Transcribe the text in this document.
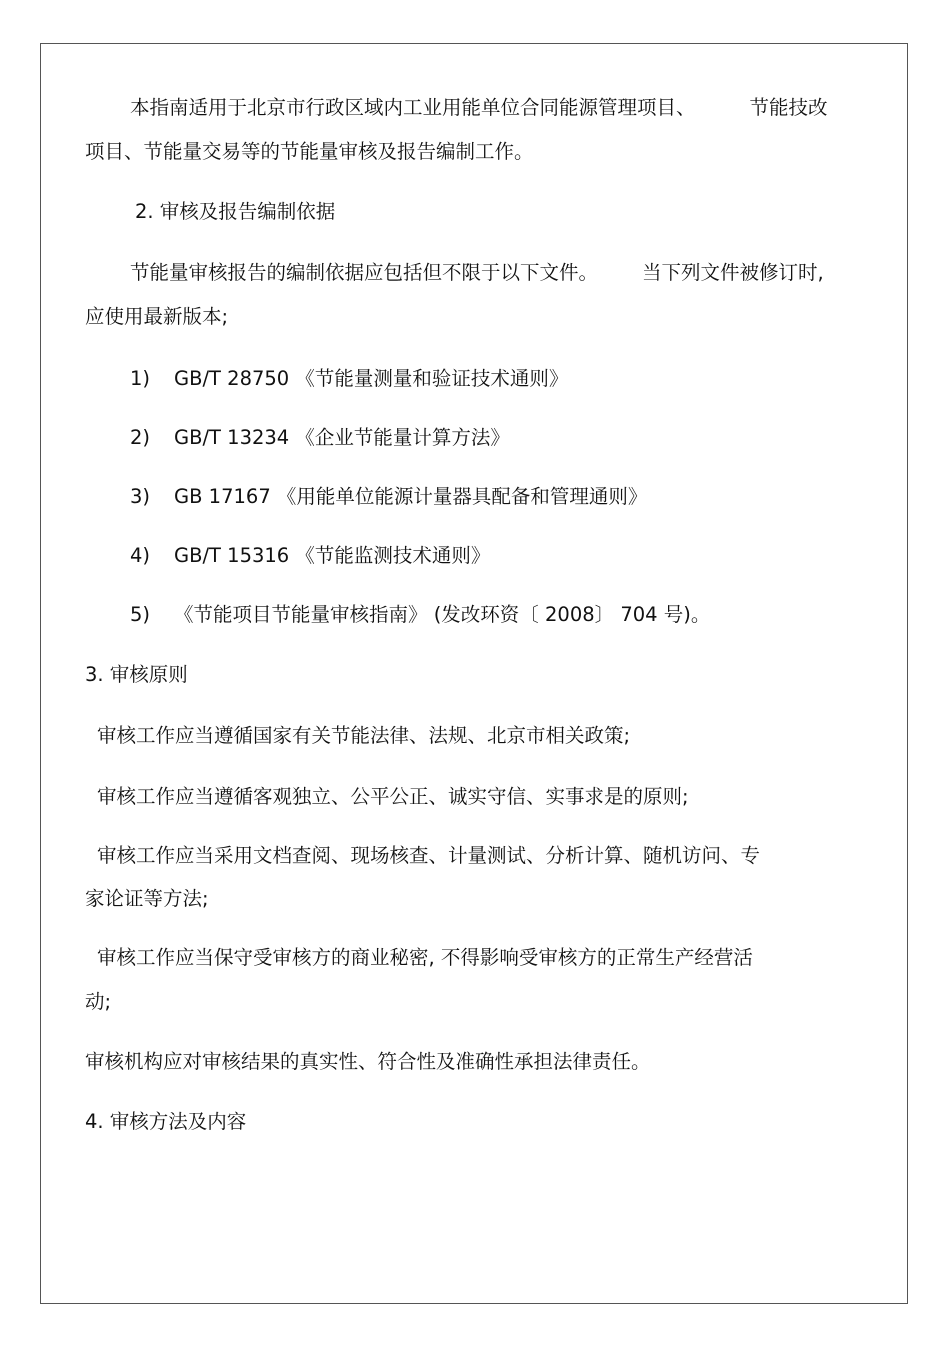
本指南适用于北京市行政区域内工业用能单位合同能源管理项目、	节能技改
项目、节能量交易等的节能量审核及报告编制工作。
2. 审核及报告编制依据
节能量审核报告的编制依据应包括但不限于以下文件。 当下列文件被修订时,
应使用最新版本;
1) GB/T 28750 《节能量测量和验证技术通则》
2) GB/T 13234 《企业节能量计算方法》
3) GB 17167 《用能单位能源计量器具配备和管理通则》
4) GB/T 15316 《节能监测技术通则》
5) 《节能项目节能量审核指南》 (发改环资〔 2008〕 704 号)。
3. 审核原则
审核工作应当遵循国家有关节能法律、法规、北京市相关政策;
审核工作应当遵循客观独立、公平公正、诚实守信、实事求是的原则;
审核工作应当采用文档查阅、现场核查、计量测试、分析计算、随机访问、专
家论证等方法;
审核工作应当保守受审核方的商业秘密, 不得影响受审核方的正常生产经营活
动;
审核机构应对审核结果的真实性、符合性及准确性承担法律责任。
4. 审核方法及内容
